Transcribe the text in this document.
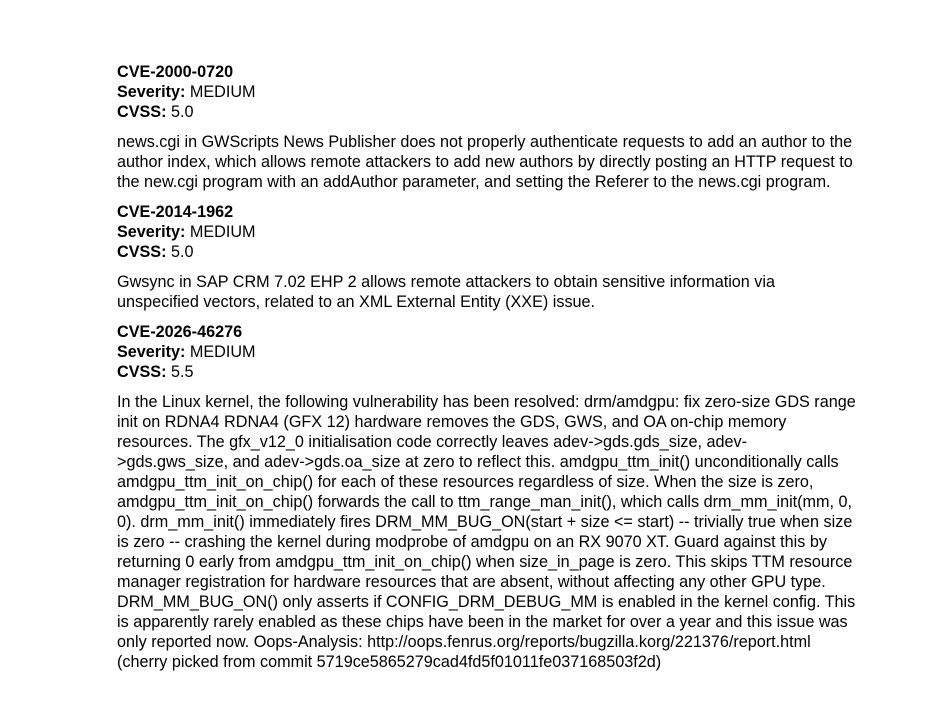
CVE-2000-0720
Severity: MEDIUM
CVSS: 5.0
news.cgi in GWScripts News Publisher does not properly authenticate requests to add an author to the author index, which allows remote attackers to add new authors by directly posting an HTTP request to the new.cgi program with an addAuthor parameter, and setting the Referer to the news.cgi program.
CVE-2014-1962
Severity: MEDIUM
CVSS: 5.0
Gwsync in SAP CRM 7.02 EHP 2 allows remote attackers to obtain sensitive information via unspecified vectors, related to an XML External Entity (XXE) issue.
CVE-2026-46276
Severity: MEDIUM
CVSS: 5.5
In the Linux kernel, the following vulnerability has been resolved: drm/amdgpu: fix zero-size GDS range init on RDNA4 RDNA4 (GFX 12) hardware removes the GDS, GWS, and OA on-chip memory resources. The gfx_v12_0 initialisation code correctly leaves adev->gds.gds_size, adev->gds.gws_size, and adev->gds.oa_size at zero to reflect this. amdgpu_ttm_init() unconditionally calls amdgpu_ttm_init_on_chip() for each of these resources regardless of size. When the size is zero, amdgpu_ttm_init_on_chip() forwards the call to ttm_range_man_init(), which calls drm_mm_init(mm, 0, 0). drm_mm_init() immediately fires DRM_MM_BUG_ON(start + size <= start) -- trivially true when size is zero -- crashing the kernel during modprobe of amdgpu on an RX 9070 XT. Guard against this by returning 0 early from amdgpu_ttm_init_on_chip() when size_in_page is zero. This skips TTM resource manager registration for hardware resources that are absent, without affecting any other GPU type. DRM_MM_BUG_ON() only asserts if CONFIG_DRM_DEBUG_MM is enabled in the kernel config. This is apparently rarely enabled as these chips have been in the market for over a year and this issue was only reported now. Oops-Analysis: http://oops.fenrus.org/reports/bugzilla.korg/221376/report.html (cherry picked from commit 5719ce5865279cad4fd5f01011fe037168503f2d)
